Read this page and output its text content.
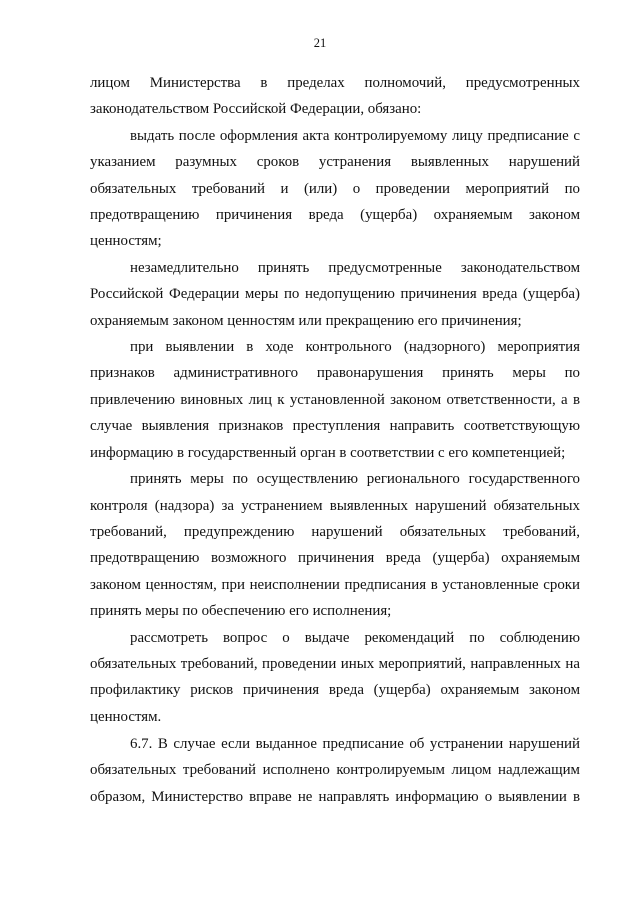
21

лицом Министерства в пределах полномочий, предусмотренных законодательством Российской Федерации, обязано:

выдать после оформления акта контролируемому лицу предписание с указанием разумных сроков устранения выявленных нарушений обязательных требований и (или) о проведении мероприятий по предотвращению причинения вреда (ущерба) охраняемым законом ценностям;

незамедлительно принять предусмотренные законодательством Российской Федерации меры по недопущению причинения вреда (ущерба) охраняемым законом ценностям или прекращению его причинения;

при выявлении в ходе контрольного (надзорного) мероприятия признаков административного правонарушения принять меры по привлечению виновных лиц к установленной законом ответственности, а в случае выявления признаков преступления направить соответствующую информацию в государственный орган в соответствии с его компетенцией;

принять меры по осуществлению регионального государственного контроля (надзора) за устранением выявленных нарушений обязательных требований, предупреждению нарушений обязательных требований, предотвращению возможного причинения вреда (ущерба) охраняемым законом ценностям, при неисполнении предписания в установленные сроки принять меры по обеспечению его исполнения;

рассмотреть вопрос о выдаче рекомендаций по соблюдению обязательных требований, проведении иных мероприятий, направленных на профилактику рисков причинения вреда (ущерба) охраняемым законом ценностям.

6.7. В случае если выданное предписание об устранении нарушений обязательных требований исполнено контролируемым лицом надлежащим образом, Министерство вправе не направлять информацию о выявлении в
